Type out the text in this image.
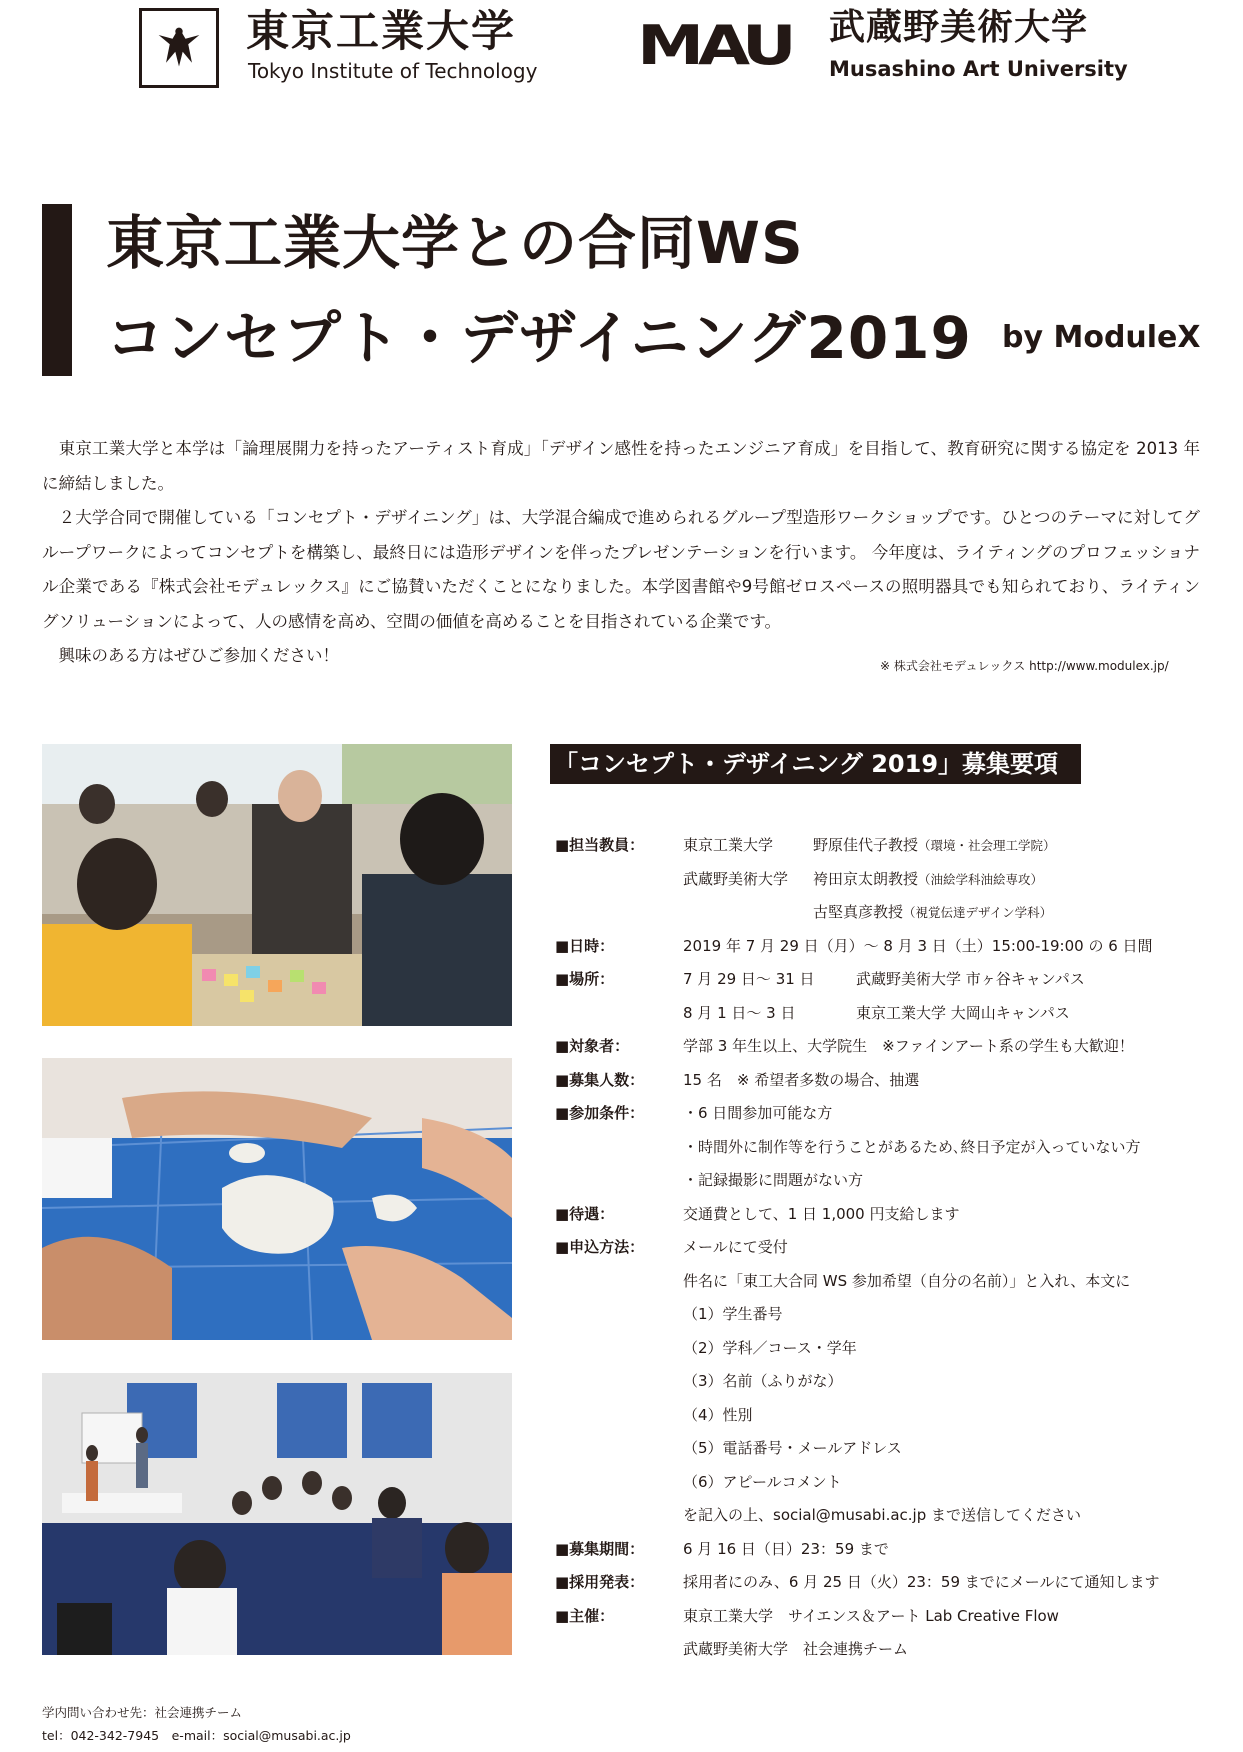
東京工業大学
Tokyo Institute of Technology MAU 武蔵野美術大学
Musashino Art University
東京工業大学との合同WS
コンセプト・デザイニング2019 by ModuleX

　東京工業大学と本学は「論理展開力を持ったアーティスト育成」「デザイン感性を持ったエンジニア育成」を目指して、教育研究に関する協定を 2013 年に締結しました。

　２大学合同で開催している「コンセプト・デザイニング」は、大学混合編成で進められるグループ型造形ワークショップです。ひとつのテーマに対してグループワークによってコンセプトを構築し、最終日には造形デザインを伴ったプレゼンテーションを行います。 今年度は、ライティングのプロフェッショナル企業である『株式会社モデュレックス』にご協賛いただくことになりました。本学図書館や9号館ゼロスペースの照明器具でも知られており、ライティングソリューションによって、人の感情を高め、空間の価値を高めることを目指されている企業です。

　興味のある方はぜひご参加ください！

※ 株式会社モデュレックス http://www.modulex.jp/
「コンセプト・デザイニング 2019」募集要項
■担当教員：	東京工業大学	野原佳代子教授（環境・社会理工学院）
武蔵野美術大学 袴田京太朗教授（油絵学科油絵専攻）
古堅真彦教授（視覚伝達デザイン学科）
■日時：	2019 年 7 月 29 日（月）～ 8 月 3 日（土）15:00-19:00 の 6 日間
■場所：	7 月 29 日～ 31 日	武蔵野美術大学 市ヶ谷キャンパス
8 月 1 日～ 3 日	東京工業大学 大岡山キャンパス
■対象者：	学部 3 年生以上、大学院生　※ファインアート系の学生も大歓迎！
■募集人数：	15 名　※ 希望者多数の場合、抽選
■参加条件：	・6 日間参加可能な方
・時間外に制作等を行うことがあるため､終日予定が入っていない方
・記録撮影に問題がない方
■待遇：	交通費として、1 日 1,000 円支給します
■申込方法：	メールにて受付
件名に「東工大合同 WS 参加希望（自分の名前）」と入れ、本文に
（1）学生番号
（2）学科／コース・学年
（3）名前（ふりがな）
（4）性別
（5）電話番号・メールアドレス
（6）アピールコメント
を記入の上、social@musabi.ac.jp まで送信してください
■募集期間：	6 月 16 日（日）23：59 まで
■採用発表：	採用者にのみ、6 月 25 日（火）23：59 までにメールにて通知します
■主催：	東京工業大学　サイエンス＆アート Lab Creative Flow
武蔵野美術大学　社会連携チーム
学内問い合わせ先：社会連携チーム
tel：042-342-7945　e-mail：social@musabi.ac.jp
